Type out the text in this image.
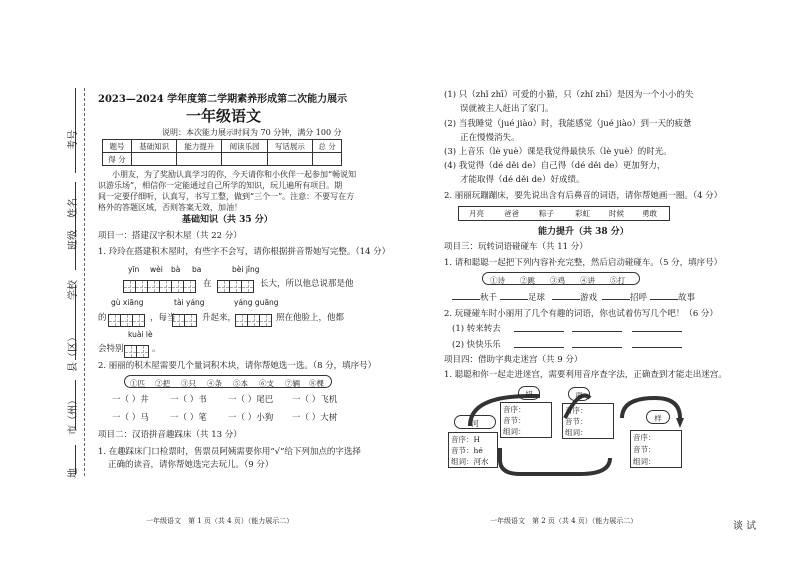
考号
姓名
班级
学校
县（区）
市（州）
地
2023—2024 学年度第二学期素养形成第二次能力展示
一年级语文
说明：本次能力展示时间为 70 分钟，满分 100 分
题号	基础知识	能力提升	阅读乐园	写话展示	总 分
得 分					
小朋友，为了奖励认真学习的你，今天请你和小伙伴一起参加“畅说知
识游乐场”，相信你一定能通过自己所学的知识，玩儿遍所有项目。期
间一定要仔细听，认真写，书写工整，做到“三个一”。注意：不要写在方
格外的答题区域，否则答案无效，加油！
基础知识（共 35 分）
项目一：搭建汉字积木屋（共 22 分）
1. 玲玲在搭建积木屋时，有些字不会写，请你根据拼音帮她写完整。（14 分）
yīn wèi bà ba	bèi jǐng
在	长大，所以他总说那是他
gù xiāng	tài yáng	yáng guāng
的	，每当	升起来，	照在他脸上，他都
kuài lè
会特别	。
2. 丽丽的积木屋需要几个量词积木块，请你帮她选一选。（8 分，填序号）
①匹 ②把 ③只 ④条 ⑤本 ⑥支 ⑦辆 ⑧棵
一（ ）井	一（ ）书	一（ ）尾巴 一（ ）飞机
一（ ）马	一（ ）笔	一（ ）小狗 一（ ）大树
项目二：汉语拼音趣踩床（共 13 分）
1. 在趣踩床门口检票时，售票员阿姨需要你用“√”给下列加点的字选择
正确的读音，请你帮她选完去玩儿。（9 分）
一年级语文　第 1 页（共 4 页）（能力展示二）
(1) 只（zhǐ zhī）可爱的小猫，只（zhǐ zhī）是因为一个小小的失
误就被主人赶出了家门。
(2) 当我睡觉（jué jiào）时，我能感觉（jué jiào）到一天的疲惫
正在慢慢消失。
(3) 上音乐（lè yuè）课是我觉得最快乐（lè yuè）的时光。
(4) 我觉得（dé děi de）自己得（dé děi de）更加努力，
才能取得（dé děi de）好成绩。
2. 丽丽玩蹦蹦床，要先说出含有后鼻音的词语，请你帮她画一圈。（4 分）
月亮	爸爸	粽子	彩虹	时候 勇敢
能力提升（共 38 分）
项目三：玩转词语碰碰车（共 11 分）
1. 请和聪聪一起把下列内容补充完整，然后启动碰碰车。（5 分，填序号）
①诗 ②跳 ③鸡 ④讲 ⑤打
秋千	足球	游戏	招呼	故事
2. 玩碰碰车时小丽用了几个有趣的词语，你也试着仿写几个吧！（6 分）
(1) 转来转去
(2) 快快乐乐
项目四：借助字典走迷宫（共 9 分）
1. 聪聪和你一起走进迷宫，需要利用音序查字法，正确查到才能走出迷宫。
河
音序：H
音节：hé
组词：河水
招
音序：
音节：
组词：
再
音序：
音节：
组词：
样
音序：
音节：
组词：
一年级语文　第 2 页（共 4 页）（能力展示二）	谈 试
